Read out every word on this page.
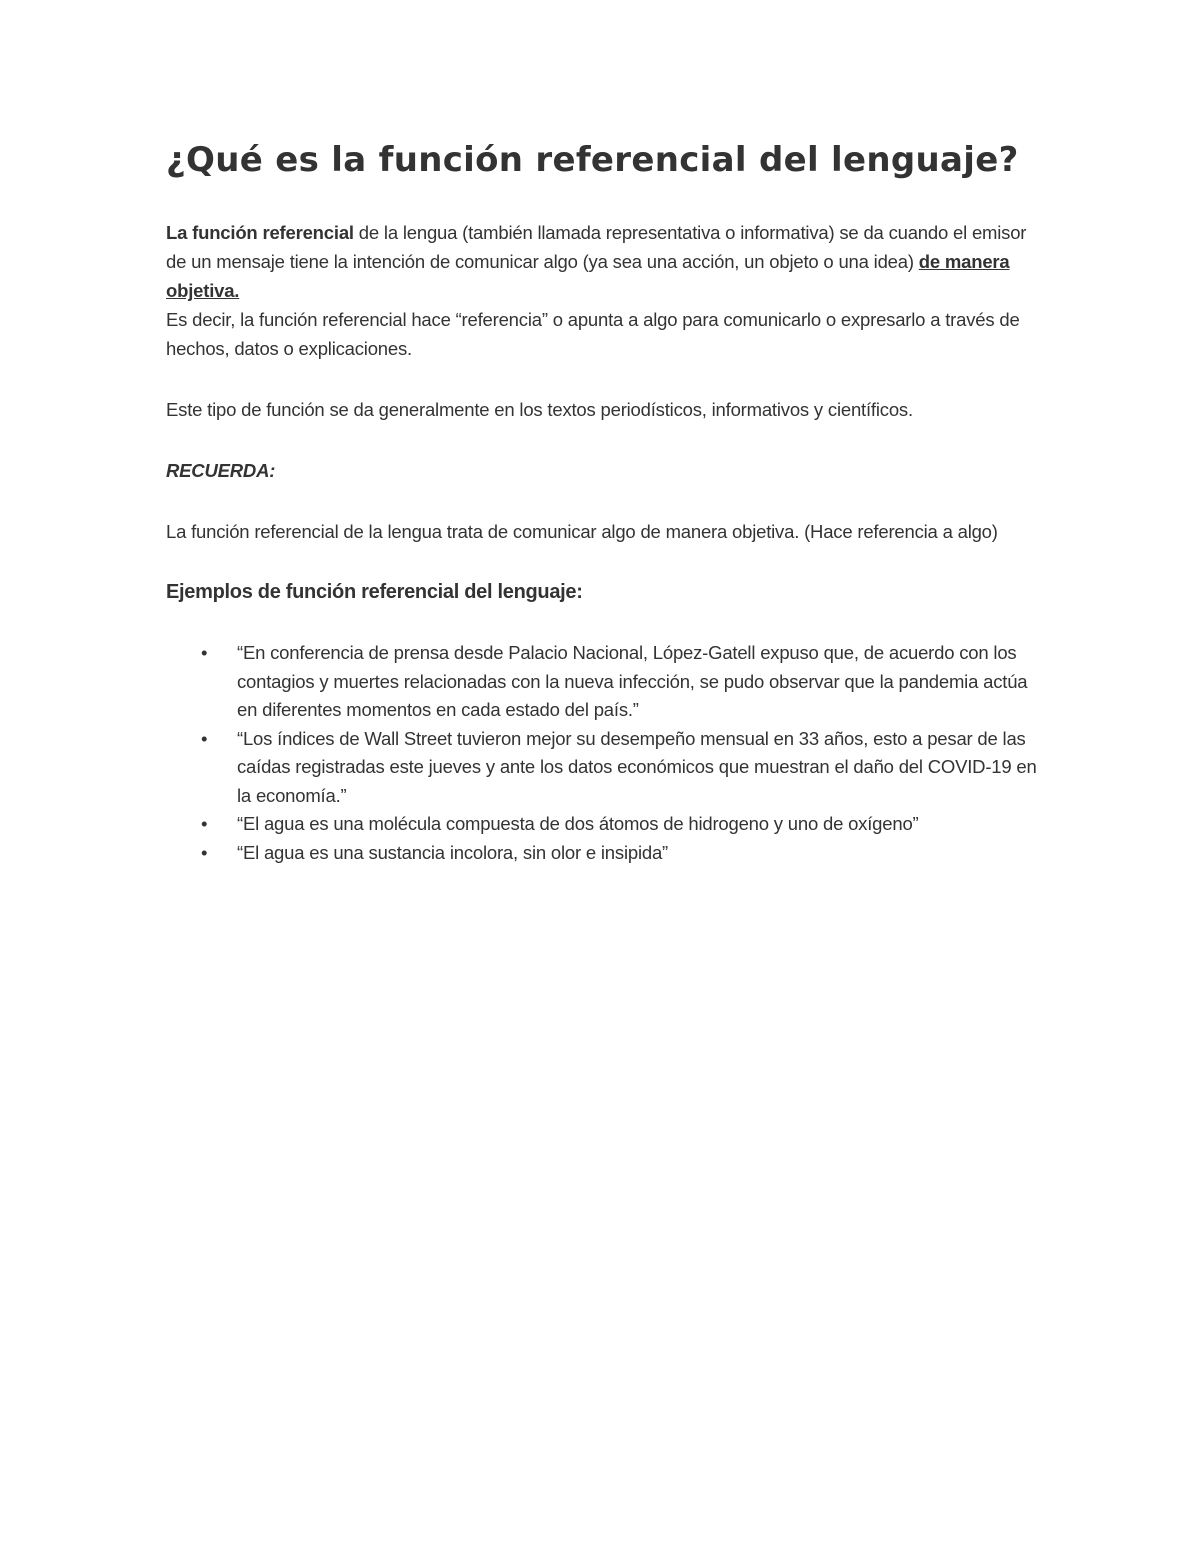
¿Qué es la función referencial del lenguaje?

La función referencial de la lengua (también llamada representativa o informativa) se da cuando el emisor de un mensaje tiene la intención de comunicar algo (ya sea una acción, un objeto o una idea) de manera objetiva.

Es decir, la función referencial hace “referencia” o apunta a algo para comunicarlo o expresarlo a través de hechos, datos o explicaciones.

Este tipo de función se da generalmente en los textos periodísticos, informativos y científicos.

RECUERDA:

La función referencial de la lengua trata de comunicar algo de manera objetiva. (Hace referencia a algo)

Ejemplos de función referencial del lenguaje:
• “En conferencia de prensa desde Palacio Nacional, López-Gatell expuso que, de acuerdo con los contagios y muertes relacionadas con la nueva infección, se pudo observar que la pandemia actúa en diferentes momentos en cada estado del país.”
• “Los índices de Wall Street tuvieron mejor su desempeño mensual en 33 años, esto a pesar de las caídas registradas este jueves y ante los datos económicos que muestran el daño del COVID-19 en la economía.”
• “El agua es una molécula compuesta de dos átomos de hidrogeno y uno de oxígeno”
• “El agua es una sustancia incolora, sin olor e insipida”
